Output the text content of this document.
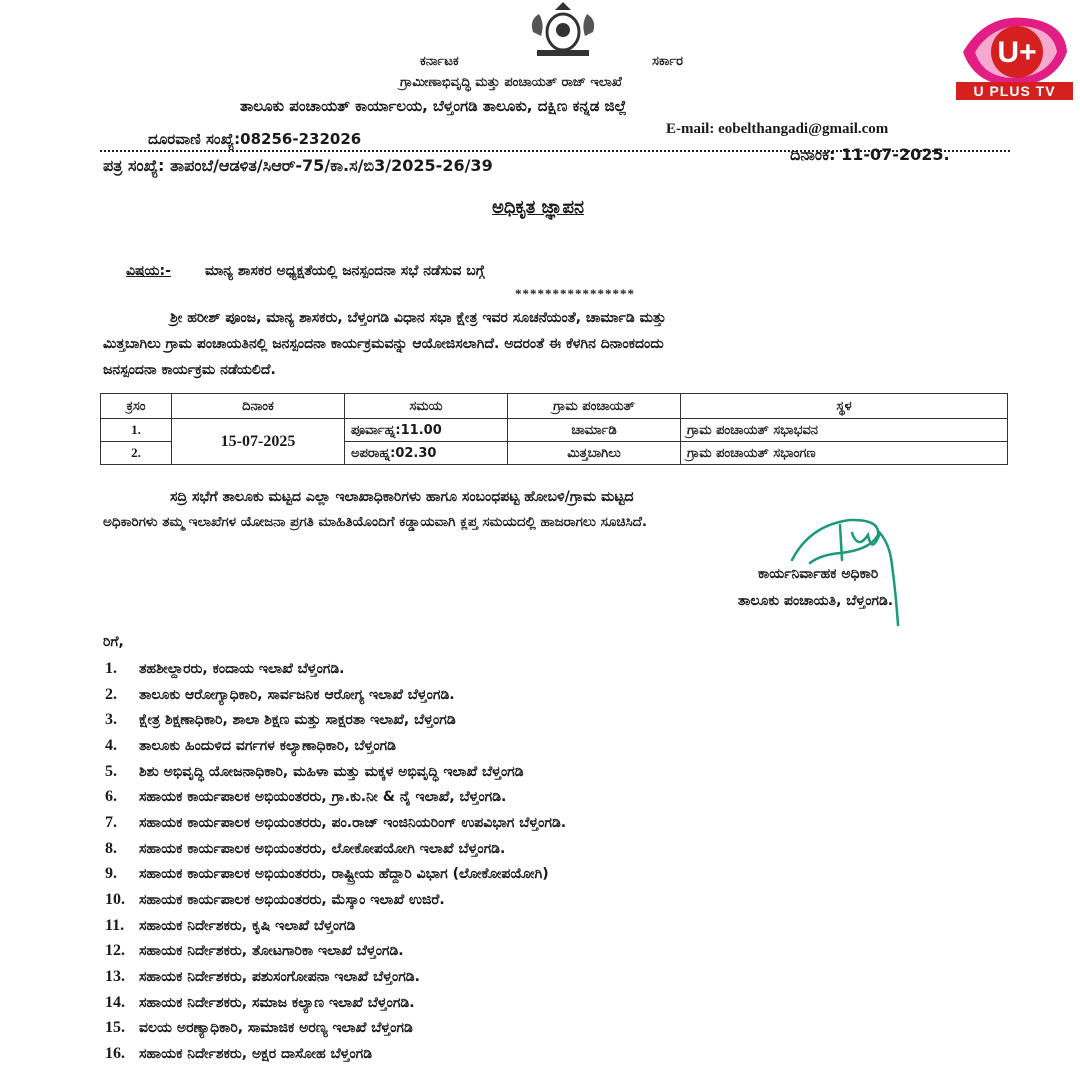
U+
U PLUS TV
ಕರ್ನಾಟಕ	ಸರ್ಕಾರ
ಗ್ರಾಮೀಣಾಭಿವೃದ್ಧಿ ಮತ್ತು ಪಂಚಾಯತ್ ರಾಜ್ ಇಲಾಖೆ
ತಾಲೂಕು ಪಂಚಾಯತ್ ಕಾರ್ಯಾಲಯ, ಬೆಳ್ತಂಗಡಿ ತಾಲೂಕು, ದಕ್ಷಿಣ ಕನ್ನಡ ಜಿಲ್ಲೆ
ದೂರವಾಣಿ ಸಂಖ್ಯೆ:08256-232026
E-mail: eobelthangadi@gmail.com
ಪತ್ರ ಸಂಖ್ಯೆ: ತಾಪಂಬೆ/ಆಡಳಿತ/ಸಿಆರ್-75/ಕಾ.ಸ/ಬಿ3/2025-26/39
ದಿನಾಂಕ: 11-07-2025.
ಅಧಿಕೃತ ಜ್ಞಾಪನ
ವಿಷಯ:- ಮಾನ್ಯ ಶಾಸಕರ ಅಧ್ಯಕ್ಷತೆಯಲ್ಲಿ ಜನಸ್ಪಂದನಾ ಸಭೆ ನಡೆಸುವ ಬಗ್ಗೆ
****************
ಶ್ರೀ ಹರೀಶ್ ಪೂಂಜ, ಮಾನ್ಯ ಶಾಸಕರು, ಬೆಳ್ತಂಗಡಿ ವಿಧಾನ ಸಭಾ ಕ್ಷೇತ್ರ ಇವರ ಸೂಚನೆಯಂತೆ, ಚಾರ್ಮಾಡಿ ಮತ್ತು
ಮಿತ್ತಬಾಗಿಲು ಗ್ರಾಮ ಪಂಚಾಯತಿನಲ್ಲಿ ಜನಸ್ಪಂದನಾ ಕಾರ್ಯಕ್ರಮವನ್ನು ಆಯೋಜಿಸಲಾಗಿದೆ. ಅದರಂತೆ ಈ ಕೆಳಗಿನ ದಿನಾಂಕದಂದು
ಜನಸ್ಪಂದನಾ ಕಾರ್ಯಕ್ರಮ ನಡೆಯಲಿದೆ.
ಕ್ರಸಂ	ದಿನಾಂಕ	ಸಮಯ	ಗ್ರಾಮ ಪಂಚಾಯತ್	ಸ್ಥಳ
1.	15-07-2025	ಪೂರ್ವಾಹ್ನ:11.00	ಚಾರ್ಮಾಡಿ	ಗ್ರಾಮ ಪಂಚಾಯತ್ ಸಭಾಭವನ
2.		ಅಪರಾಹ್ನ:02.30	ಮಿತ್ತಬಾಗಿಲು	ಗ್ರಾಮ ಪಂಚಾಯತ್ ಸಭಾಂಗಣ
ಸದ್ರಿ ಸಭೆಗೆ ತಾಲೂಕು ಮಟ್ಟದ ಎಲ್ಲಾ ಇಲಾಖಾಧಿಕಾರಿಗಳು ಹಾಗೂ ಸಂಬಂಧಪಟ್ಟ ಹೋಬಳಿ/ಗ್ರಾಮ ಮಟ್ಟದ
ಅಧಿಕಾರಿಗಳು ತಮ್ಮ ಇಲಾಖೆಗಳ ಯೋಜನಾ ಪ್ರಗತಿ ಮಾಹಿತಿಯೊಂದಿಗೆ ಕಡ್ಡಾಯವಾಗಿ ಕ್ಲಪ್ತ ಸಮಯದಲ್ಲಿ ಹಾಜರಾಗಲು ಸೂಚಿಸಿದೆ.
ಕಾರ್ಯನಿರ್ವಾಹಕ ಅಧಿಕಾರಿ
ತಾಲೂಕು ಪಂಚಾಯತಿ, ಬೆಳ್ತಂಗಡಿ.
ರಿಗೆ,
1.	ತಹಶೀಲ್ದಾರರು, ಕಂದಾಯ ಇಲಾಖೆ ಬೆಳ್ತಂಗಡಿ.
2.	ತಾಲೂಕು ಆರೋಗ್ಯಾಧಿಕಾರಿ, ಸಾರ್ವಜನಿಕ ಆರೋಗ್ಯ ಇಲಾಖೆ ಬೆಳ್ತಂಗಡಿ.
3.	ಕ್ಷೇತ್ರ ಶಿಕ್ಷಣಾಧಿಕಾರಿ, ಶಾಲಾ ಶಿಕ್ಷಣ ಮತ್ತು ಸಾಕ್ಷರತಾ ಇಲಾಖೆ, ಬೆಳ್ತಂಗಡಿ
4.	ತಾಲೂಕು ಹಿಂದುಳಿದ ವರ್ಗಗಳ ಕಲ್ಯಾಣಾಧಿಕಾರಿ, ಬೆಳ್ತಂಗಡಿ
5.	ಶಿಶು ಅಭಿವೃದ್ಧಿ ಯೋಜನಾಧಿಕಾರಿ, ಮಹಿಳಾ ಮತ್ತು ಮಕ್ಕಳ ಅಭಿವೃದ್ಧಿ ಇಲಾಖೆ ಬೆಳ್ತಂಗಡಿ
6.	ಸಹಾಯಕ ಕಾರ್ಯಪಾಲಕ ಅಭಿಯಂತರರು, ಗ್ರಾ.ಕು.ನೀ & ನೈ ಇಲಾಖೆ, ಬೆಳ್ತಂಗಡಿ.
7.	ಸಹಾಯಕ ಕಾರ್ಯಪಾಲಕ ಅಭಿಯಂತರರು, ಪಂ.ರಾಜ್ ಇಂಜಿನಿಯರಿಂಗ್ ಉಪವಿಭಾಗ ಬೆಳ್ತಂಗಡಿ.
8.	ಸಹಾಯಕ ಕಾರ್ಯಪಾಲಕ ಅಭಿಯಂತರರು, ಲೋಕೋಪಯೋಗಿ ಇಲಾಖೆ ಬೆಳ್ತಂಗಡಿ.
9.	ಸಹಾಯಕ ಕಾರ್ಯಪಾಲಕ ಅಭಿಯಂತರರು, ರಾಷ್ಟ್ರೀಯ ಹೆದ್ದಾರಿ ವಿಭಾಗ (ಲೋಕೋಪಯೋಗಿ)
10.	ಸಹಾಯಕ ಕಾರ್ಯಪಾಲಕ ಅಭಿಯಂತರರು, ಮೆಸ್ಕಾಂ ಇಲಾಖೆ ಉಜಿರೆ.
11.	ಸಹಾಯಕ ನಿರ್ದೇಶಕರು, ಕೃಷಿ ಇಲಾಖೆ ಬೆಳ್ತಂಗಡಿ
12.	ಸಹಾಯಕ ನಿರ್ದೇಶಕರು, ತೋಟಗಾರಿಕಾ ಇಲಾಖೆ ಬೆಳ್ತಂಗಡಿ.
13.	ಸಹಾಯಕ ನಿರ್ದೇಶಕರು, ಪಶುಸಂಗೋಪನಾ ಇಲಾಖೆ ಬೆಳ್ತಂಗಡಿ.
14.	ಸಹಾಯಕ ನಿರ್ದೇಶಕರು, ಸಮಾಜ ಕಲ್ಯಾಣ ಇಲಾಖೆ ಬೆಳ್ತಂಗಡಿ.
15.	ವಲಯ ಅರಣ್ಯಾಧಿಕಾರಿ, ಸಾಮಾಜಿಕ ಅರಣ್ಯ ಇಲಾಖೆ ಬೆಳ್ತಂಗಡಿ
16.	ಸಹಾಯಕ ನಿರ್ದೇಶಕರು, ಅಕ್ಷರ ದಾಸೋಹ ಬೆಳ್ತಂಗಡಿ
